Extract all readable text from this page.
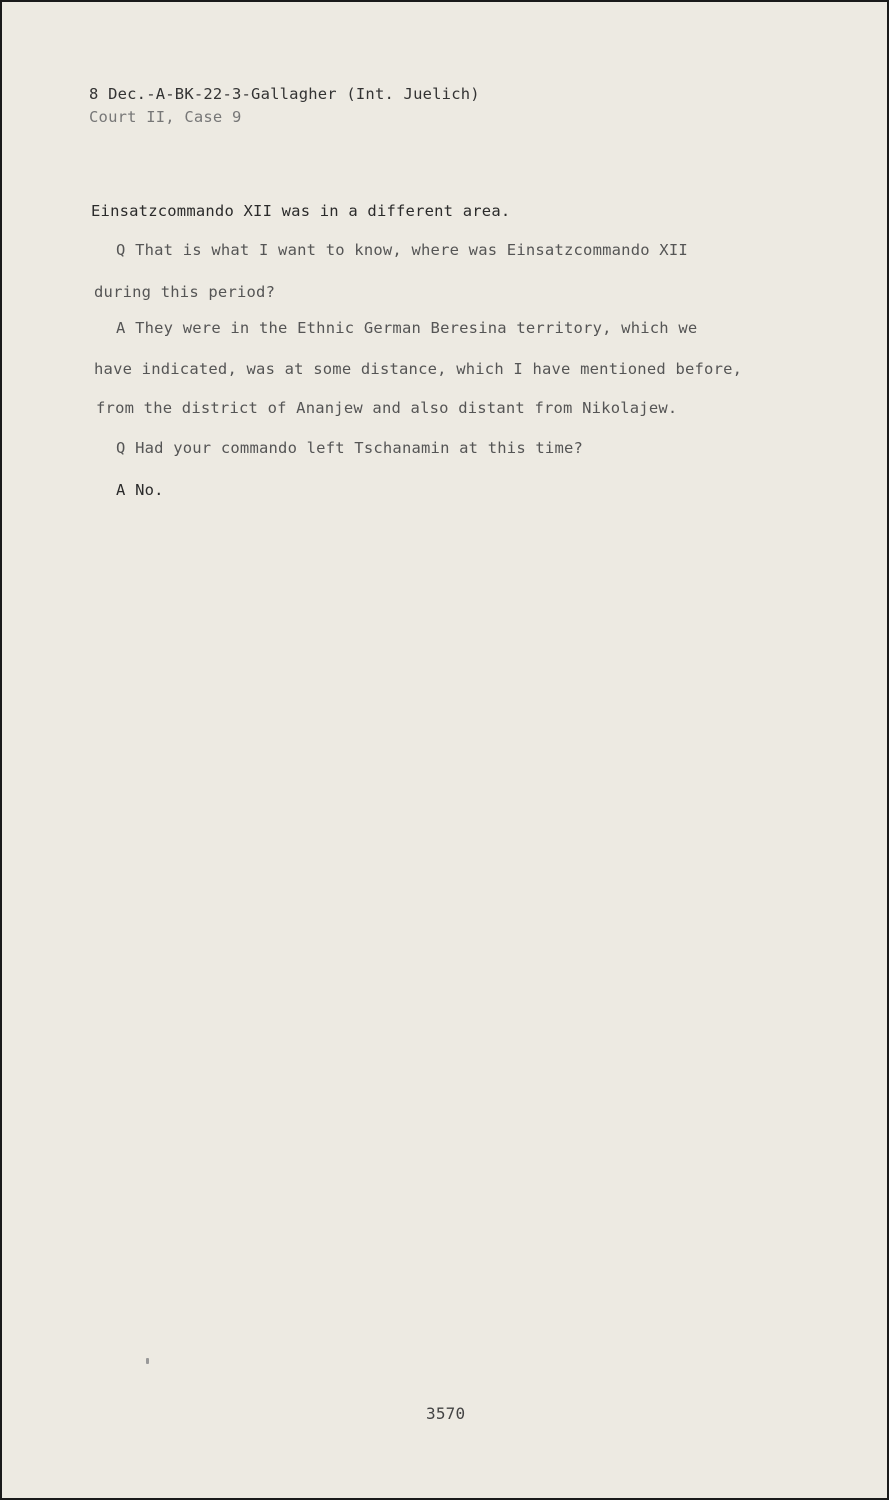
8 Dec.-A-BK-22-3-Gallagher (Int. Juelich)
Court II, Case 9
Einsatzcommando XII was in a different area.
Q That is what I want to know, where was Einsatzcommando XII
during this period?
A They were in the Ethnic German Beresina territory, which we
have indicated, was at some distance, which I have mentioned before,
from the district of Ananjew and also distant from Nikolajew.
Q Had your commando left Tschanamin at this time?
A No.
3570
